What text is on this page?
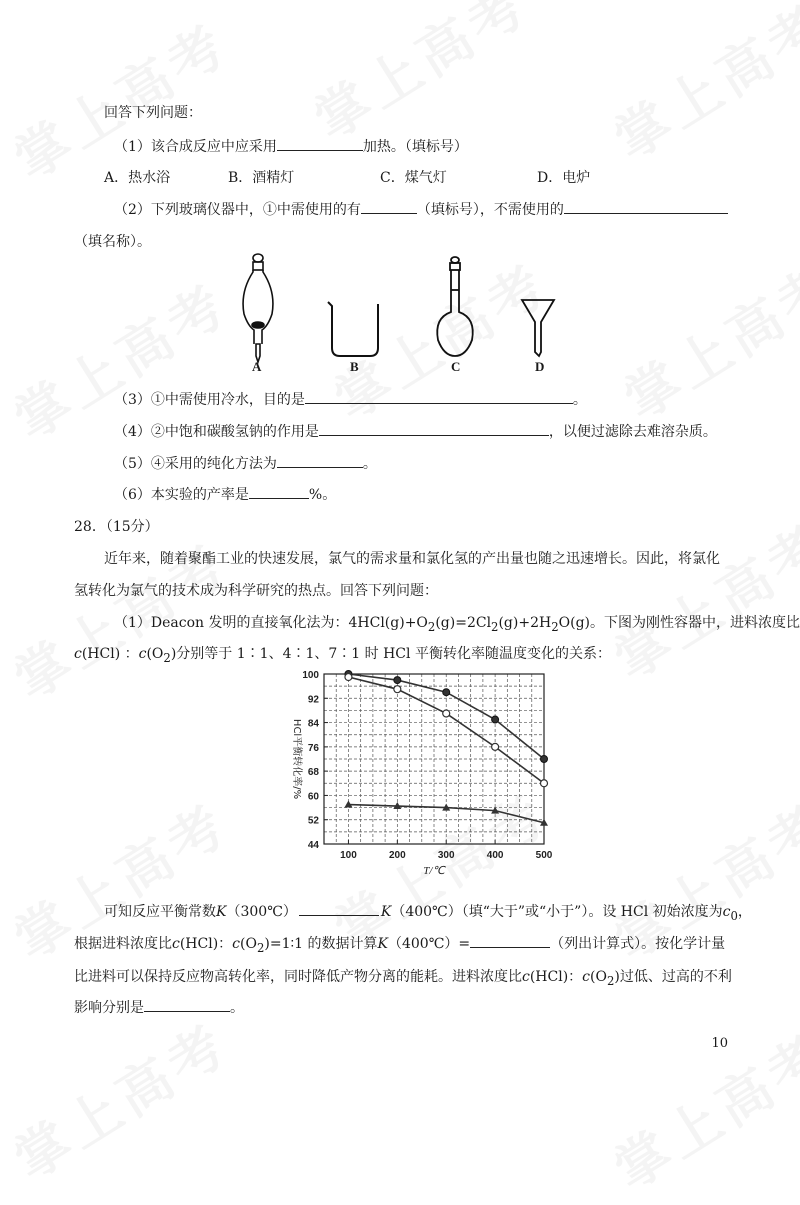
回答下列问题：
（1）该合成反应中应采用	加热。（填标号）
A．热水浴	B．酒精灯	C．煤气灯	D．电炉
（2）下列玻璃仪器中，①中需使用的有	（填标号），不需使用的
（填名称）。
A	B	C	D
（3）①中需使用冷水，目的是	。
（4）②中饱和碳酸氢钠的作用是	，以便过滤除去难溶杂质。
（5）④采用的纯化方法为	。
（6）本实验的产率是	%。
28．（15分）
近年来，随着聚酯工业的快速发展，氯气的需求量和氯化氢的产出量也随之迅速增长。因此，将氯化
氢转化为氯气的技术成为科学研究的热点。回答下列问题：
（1）Deacon 发明的直接氧化法为：$4HCl(g)+O_2(g)=2Cl_2(g)+2H_2O(g)$。下图为刚性容器中，进料浓度比
c(HCl) ：$c(O_2)$分别等于 1∶1、4∶1、7∶1 时 HCl 平衡转化率随温度变化的关系：
44
52
60
68
76
84
92
100
100	200	300	400	500
T/℃
HCl平衡转化率/%
可知反应平衡常数K（300℃）	K（400℃）（填“大于”或“小于”）。设 HCl 初始浓度为$c_0$，
根据进料浓度比c(HCl)：$c(O_2)=1∶1$ 的数据计算K（400℃）=	（列出计算式）。按化学计量
比进料可以保持反应物高转化率，同时降低产物分离的能耗。进料浓度比c(HCl)：$c(O_2)$过低、过高的不利
影响分别是	。
10
